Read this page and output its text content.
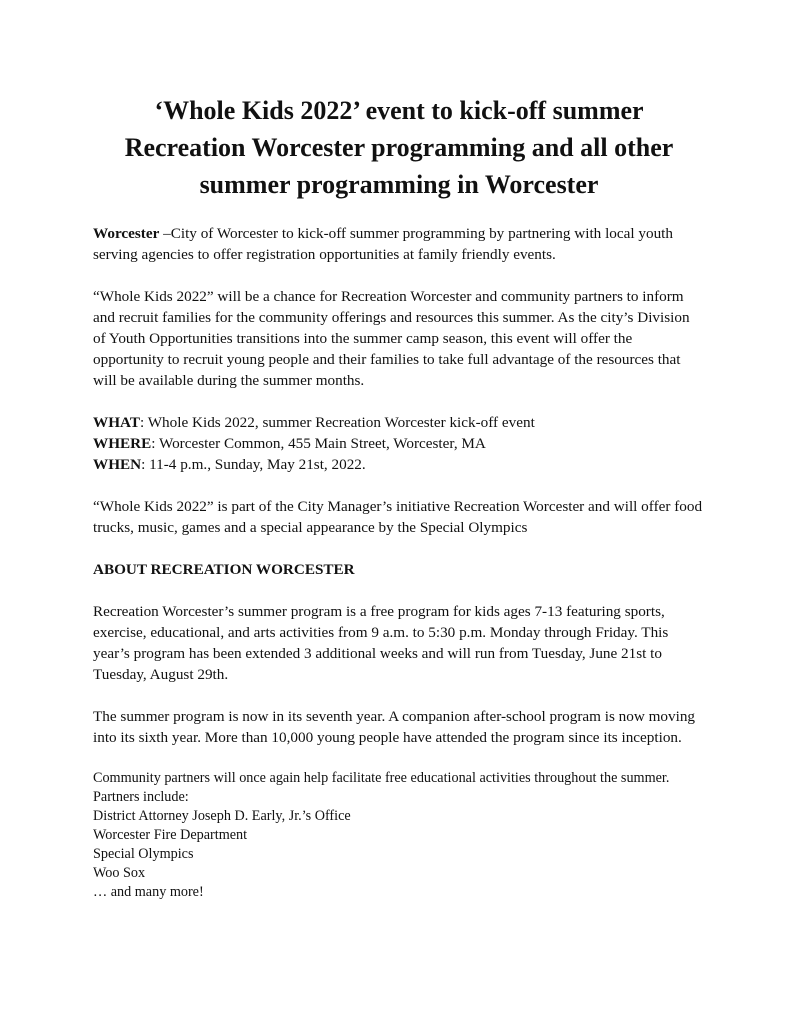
‘Whole Kids 2022’ event to kick-off summer
Recreation Worcester programming and all other
summer programming in Worcester

Worcester –City of Worcester to kick-off summer programming by partnering with local youth serving agencies to offer registration opportunities at family friendly events.

“Whole Kids 2022” will be a chance for Recreation Worcester and community partners to inform and recruit families for the community offerings and resources this summer. As the city’s Division of Youth Opportunities transitions into the summer camp season, this event will offer the opportunity to recruit young people and their families to take full advantage of the resources that will be available during the summer months.

WHAT: Whole Kids 2022, summer Recreation Worcester kick-off event

WHERE: Worcester Common, 455 Main Street, Worcester, MA

WHEN: 11-4 p.m., Sunday, May 21st, 2022.

“Whole Kids 2022” is part of the City Manager’s initiative Recreation Worcester and will offer food trucks, music, games and a special appearance by the Special Olympics

ABOUT RECREATION WORCESTER

Recreation Worcester’s summer program is a free program for kids ages 7-13 featuring sports, exercise, educational, and arts activities from 9 a.m. to 5:30 p.m. Monday through Friday. This year’s program has been extended 3 additional weeks and will run from Tuesday, June 21st to Tuesday, August 29th.

The summer program is now in its seventh year. A companion after-school program is now moving into its sixth year. More than 10,000 young people have attended the program since its inception.

Community partners will once again help facilitate free educational activities throughout the summer. Partners include:

District Attorney Joseph D. Early, Jr.’s Office

Worcester Fire Department

Special Olympics

Woo Sox

… and many more!
